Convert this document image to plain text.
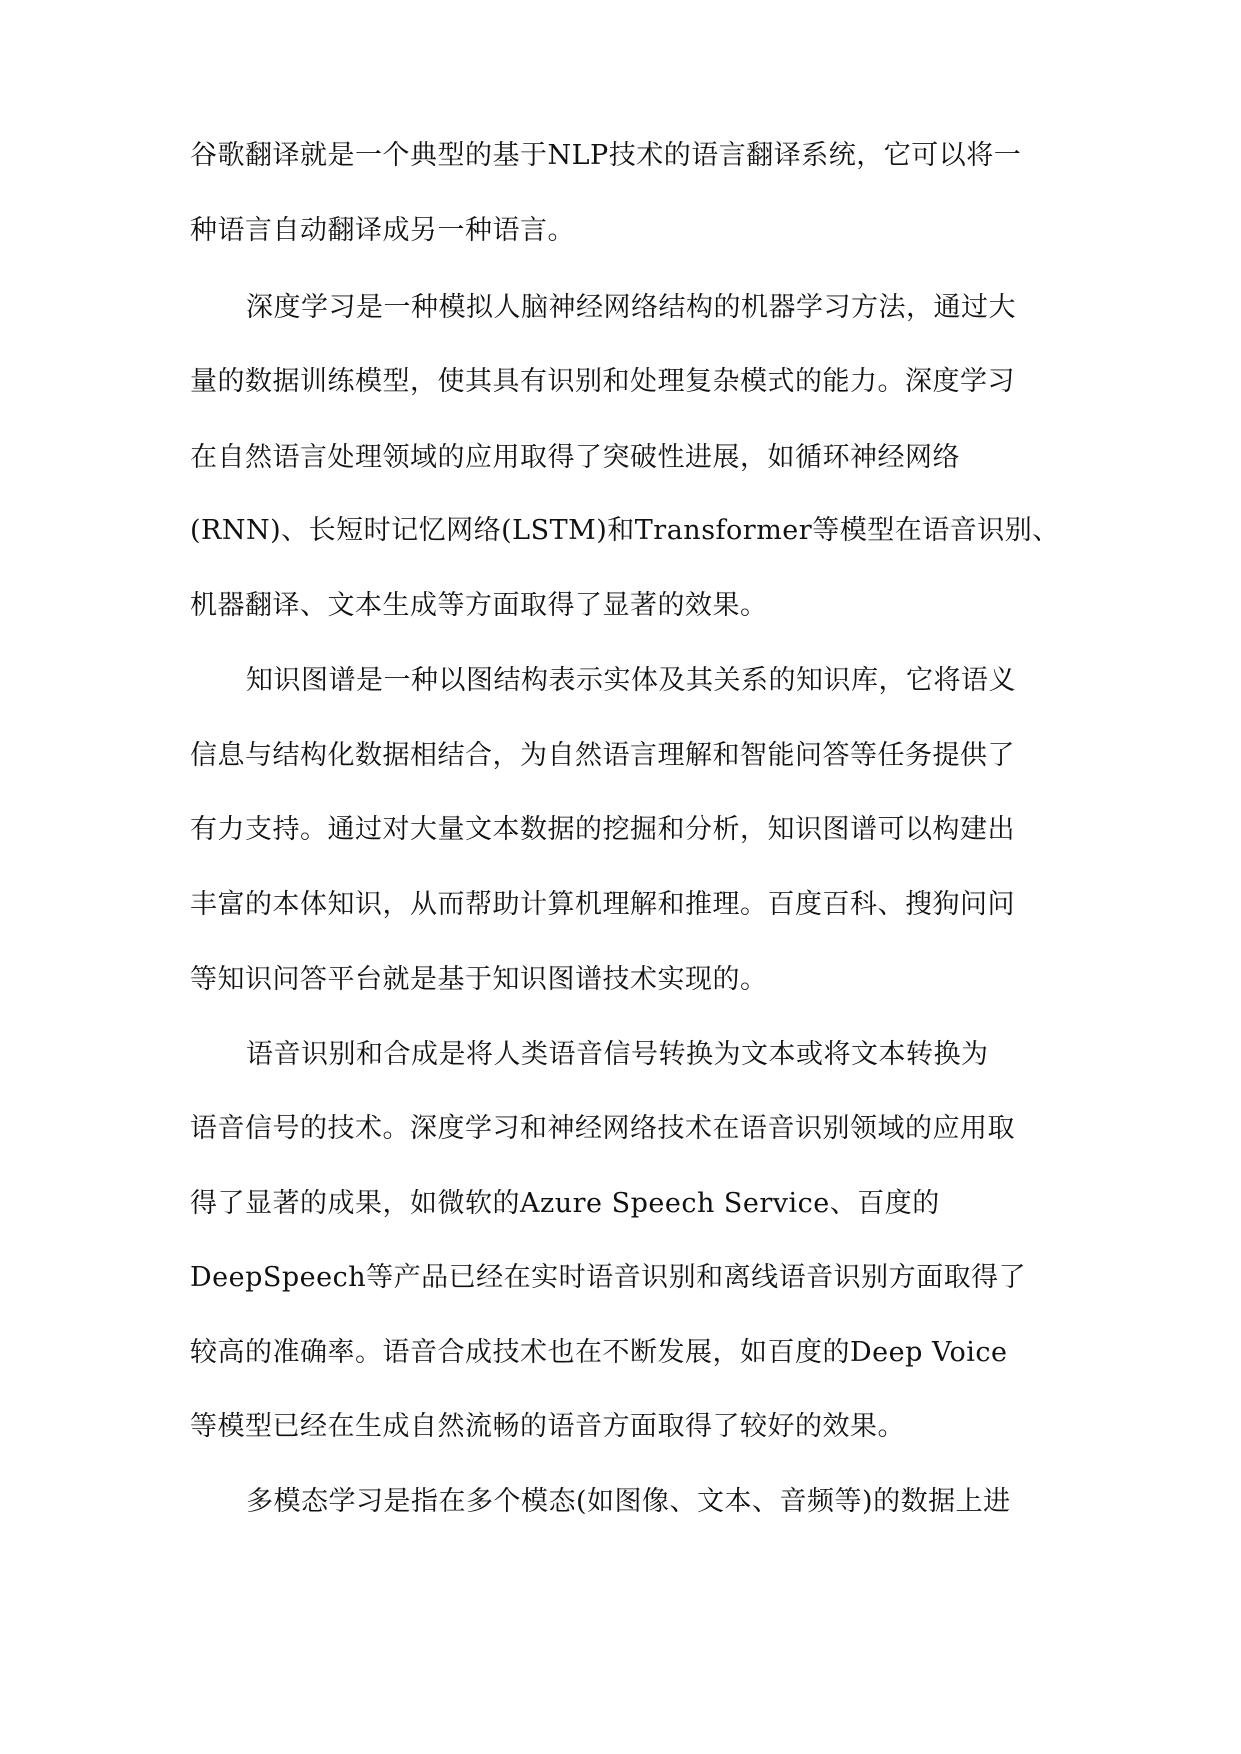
谷歌翻译就是一个典型的基于NLP技术的语言翻译系统，它可以将一
种语言自动翻译成另一种语言。
深度学习是一种模拟人脑神经网络结构的机器学习方法，通过大
量的数据训练模型，使其具有识别和处理复杂模式的能力。深度学习
在自然语言处理领域的应用取得了突破性进展，如循环神经网络
(RNN)、长短时记忆网络(LSTM)和Transformer等模型在语音识别、
机器翻译、文本生成等方面取得了显著的效果。
知识图谱是一种以图结构表示实体及其关系的知识库，它将语义
信息与结构化数据相结合，为自然语言理解和智能问答等任务提供了
有力支持。通过对大量文本数据的挖掘和分析，知识图谱可以构建出
丰富的本体知识，从而帮助计算机理解和推理。百度百科、搜狗问问
等知识问答平台就是基于知识图谱技术实现的。
语音识别和合成是将人类语音信号转换为文本或将文本转换为
语音信号的技术。深度学习和神经网络技术在语音识别领域的应用取
得了显著的成果，如微软的Azure Speech Service、百度的
DeepSpeech等产品已经在实时语音识别和离线语音识别方面取得了
较高的准确率。语音合成技术也在不断发展，如百度的Deep Voice
等模型已经在生成自然流畅的语音方面取得了较好的效果。
多模态学习是指在多个模态(如图像、文本、音频等)的数据上进
